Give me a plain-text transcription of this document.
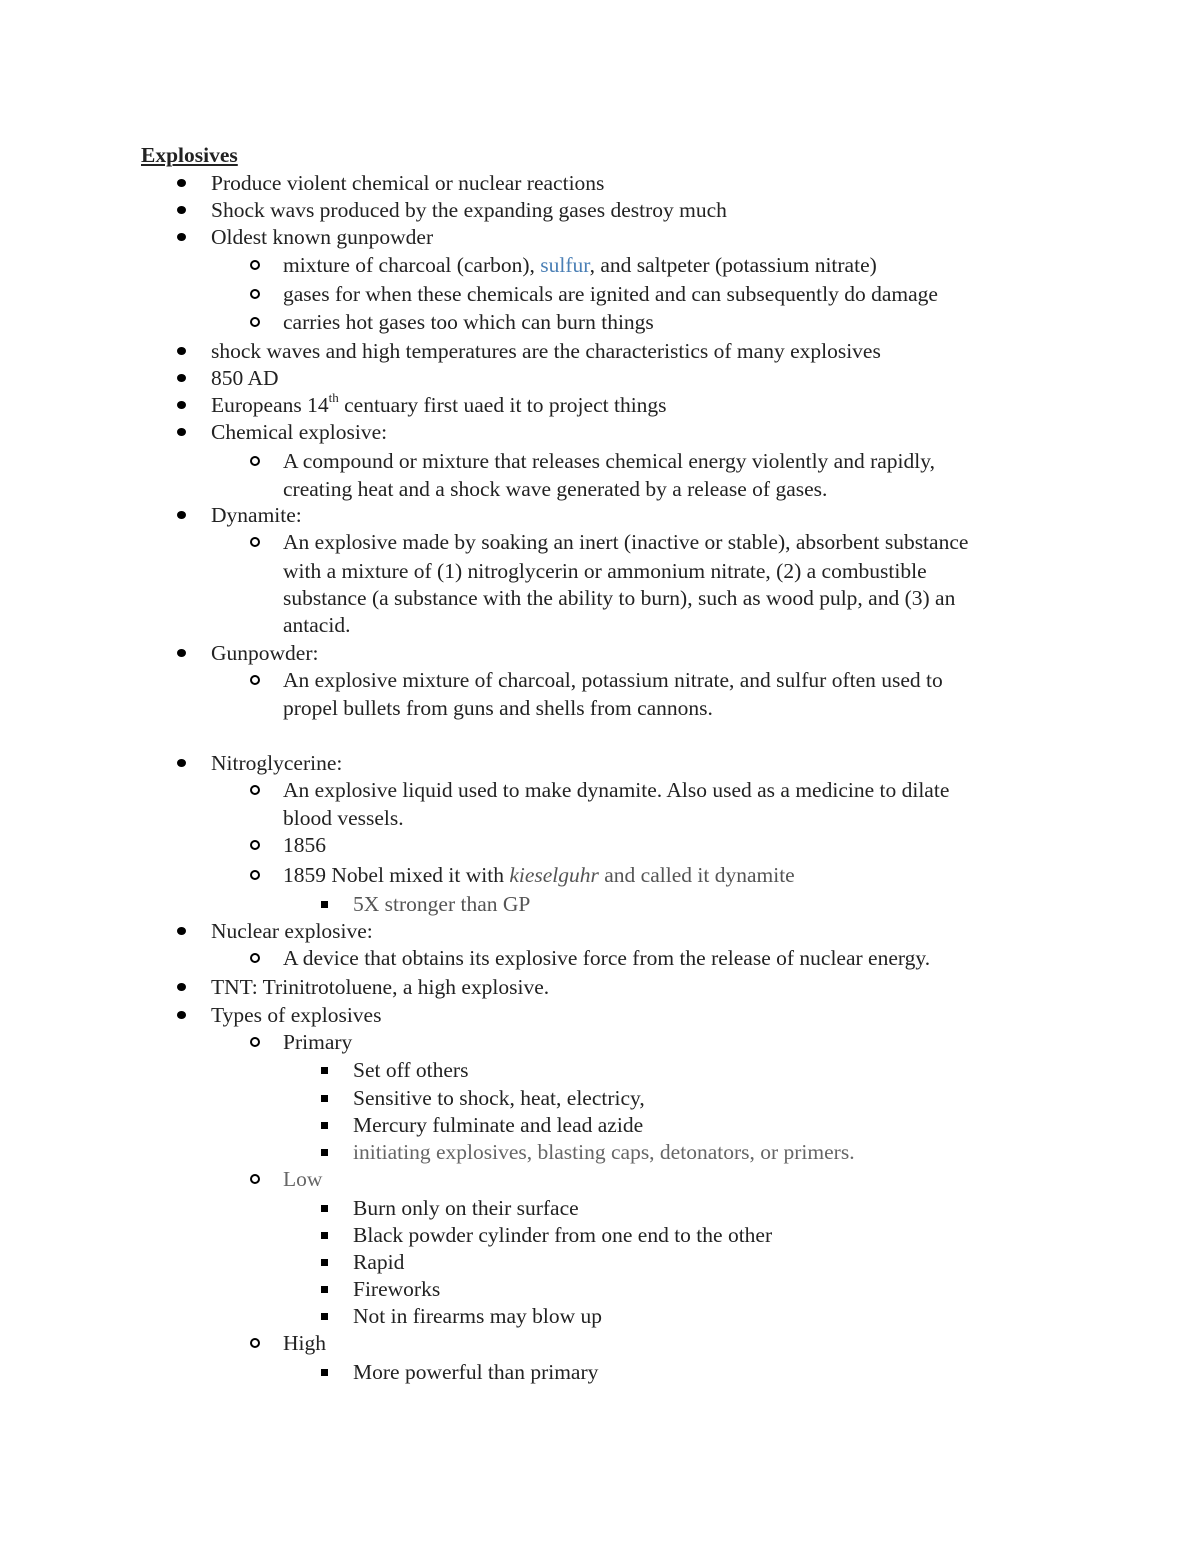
Explosives
Produce violent chemical or nuclear reactions
Shock wavs produced by the expanding gases destroy much
Oldest known gunpowder
mixture of charcoal (carbon), sulfur, and saltpeter (potassium nitrate)
gases for when these chemicals are ignited and can subsequently do damage
carries hot gases too which can burn things
shock waves and high temperatures are the characteristics of many explosives
850 AD
Europeans 14th centuary first uaed it to project things
Chemical explosive:
A compound or mixture that releases chemical energy violently and rapidly,
creating heat and a shock wave generated by a release of gases.
Dynamite:
An explosive made by soaking an inert (inactive or stable), absorbent substance
with a mixture of (1) nitroglycerin or ammonium nitrate, (2) a combustible
substance (a substance with the ability to burn), such as wood pulp, and (3) an
antacid.
Gunpowder:
An explosive mixture of charcoal, potassium nitrate, and sulfur often used to
propel bullets from guns and shells from cannons.
Nitroglycerine:
An explosive liquid used to make dynamite. Also used as a medicine to dilate
blood vessels.
1856
1859 Nobel mixed it with kieselguhr and called it dynamite
5X stronger than GP
Nuclear explosive:
A device that obtains its explosive force from the release of nuclear energy.
TNT: Trinitrotoluene, a high explosive.
Types of explosives
Primary
Set off others
Sensitive to shock, heat, electricy,
Mercury fulminate and lead azide
initiating explosives, blasting caps, detonators, or primers.
Low
Burn only on their surface
Black powder cylinder from one end to the other
Rapid
Fireworks
Not in firearms may blow up
High
More powerful than primary
